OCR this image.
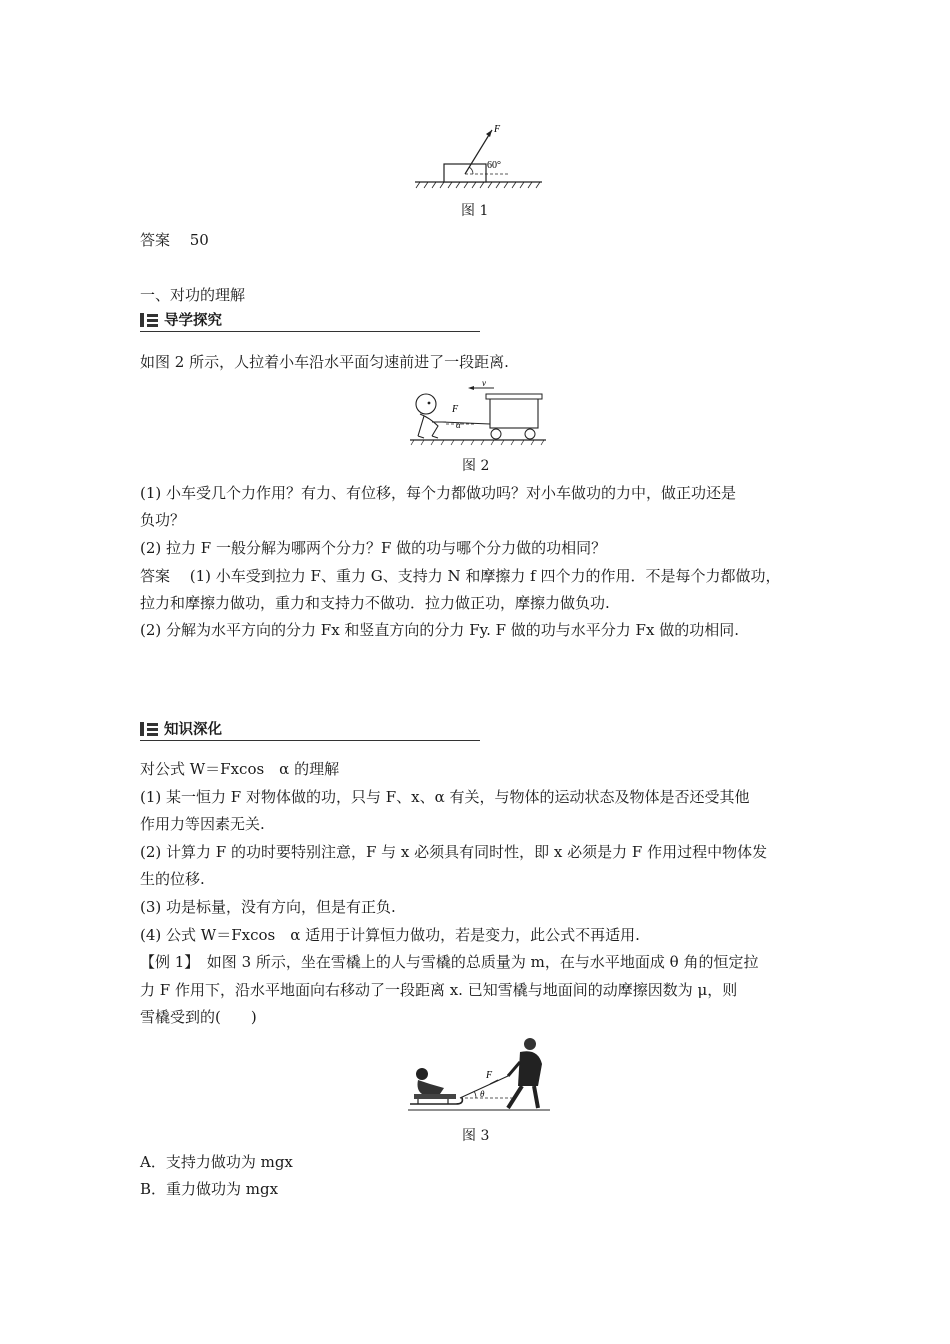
F
60°
图 1
答案　 50
一、对功的理解
导学探究
如图 2 所示，人拉着小车沿水平面匀速前进了一段距离.
v
F
α
图 2
(1) 小车受几个力作用？有力、有位移，每个力都做功吗？对小车做功的力中，做正功还是
负功？
(2) 拉力 F 一般分解为哪两个分力？F 做的功与哪个分力做的功相同？
答案　 (1) 小车受到拉力 F、重力 G、支持力 N 和摩擦力 f 四个力的作用．不是每个力都做功，
拉力和摩擦力做功，重力和支持力不做功．拉力做正功，摩擦力做负功.
(2) 分解为水平方向的分力 Fx 和竖直方向的分力 Fy. F 做的功与水平分力 Fx 做的功相同.
知识深化
对公式 W＝Fxcos　α 的理解
(1) 某一恒力 F 对物体做的功，只与 F、x、α 有关，与物体的运动状态及物体是否还受其他
作用力等因素无关.
(2) 计算力 F 的功时要特别注意，F 与 x 必须具有同时性，即 x 必须是力 F 作用过程中物体发
生的位移.
(3) 功是标量，没有方向，但是有正负.
(4) 公式 W＝Fxcos　α 适用于计算恒力做功，若是变力，此公式不再适用.
【例 1】　如图 3 所示，坐在雪橇上的人与雪橇的总质量为 m，在与水平地面成 θ 角的恒定拉
力 F 作用下，沿水平地面向右移动了一段距离 x. 已知雪橇与地面间的动摩擦因数为 μ，则
雪橇受到的(　　)
F
θ
图 3
A．支持力做功为 mgx
B．重力做功为 mgx
